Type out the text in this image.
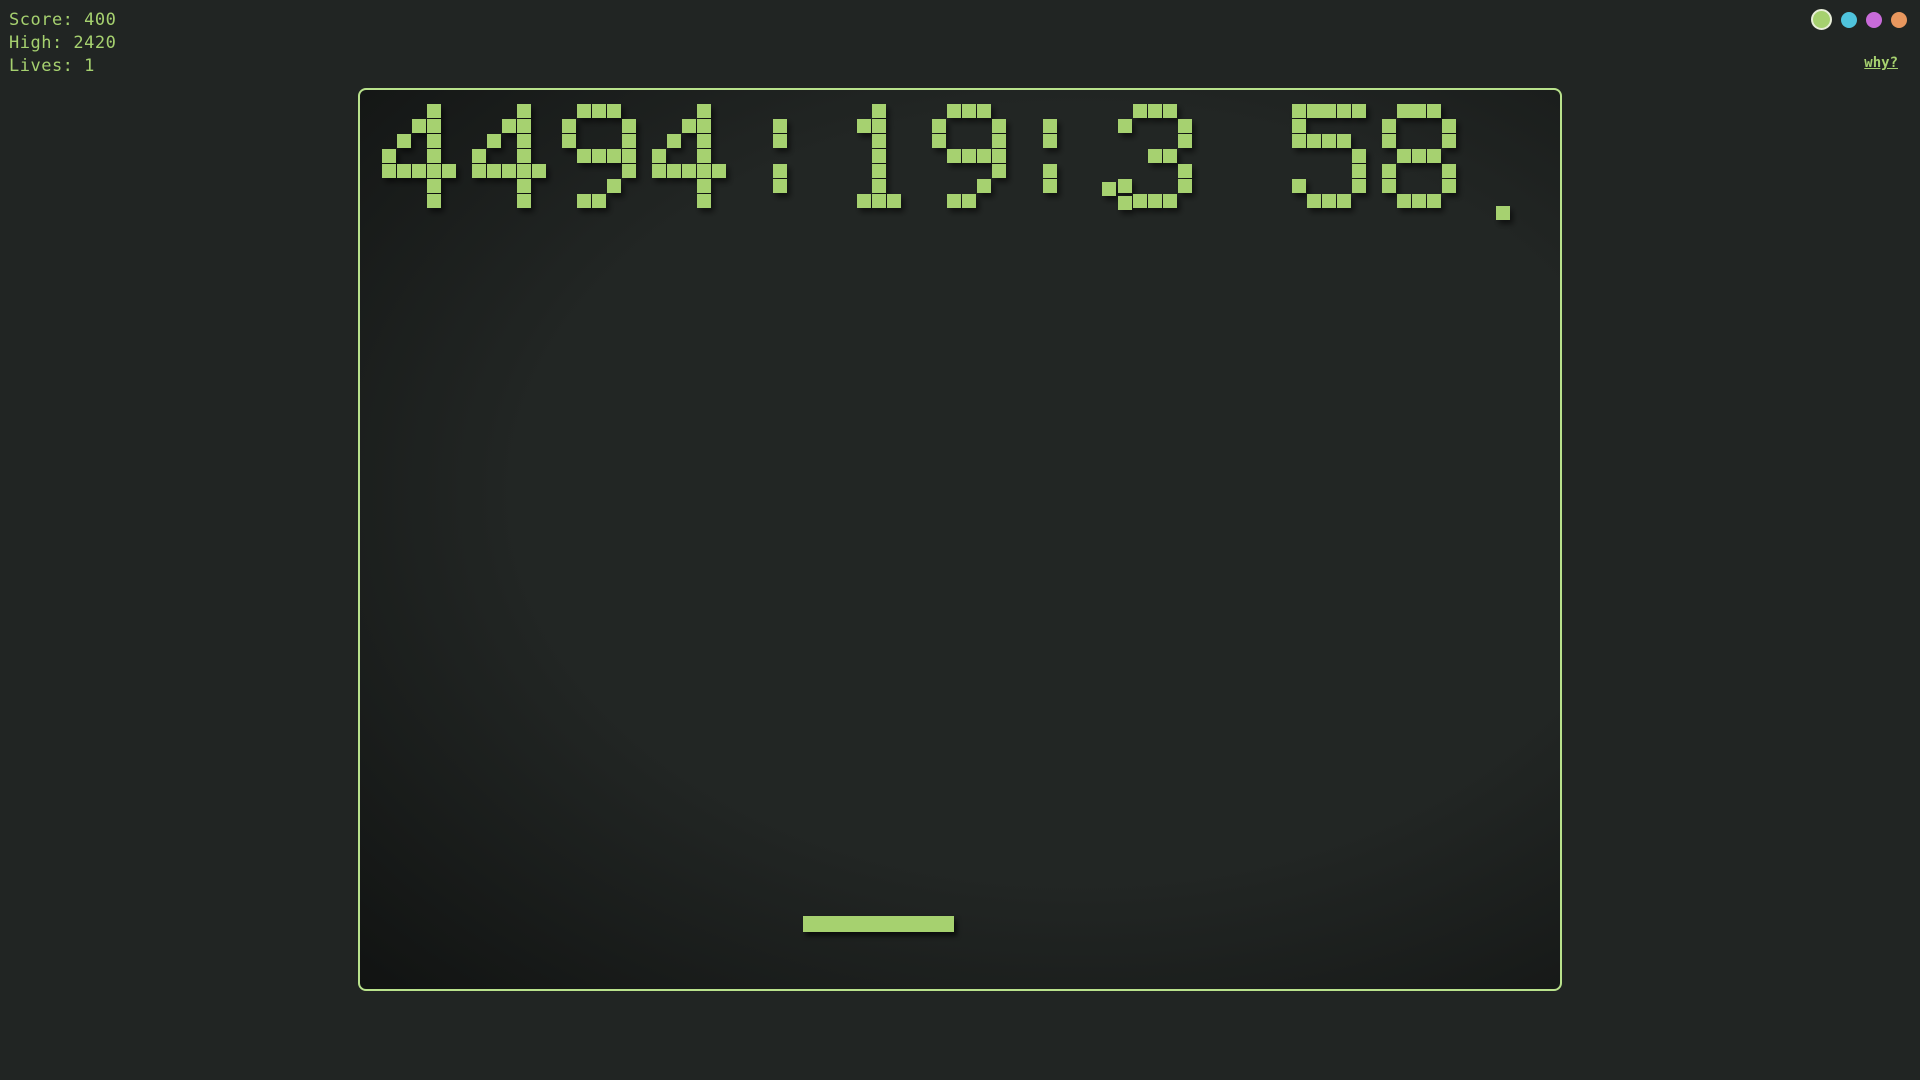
Score: 400
High: 2420
Lives: 1	why?
